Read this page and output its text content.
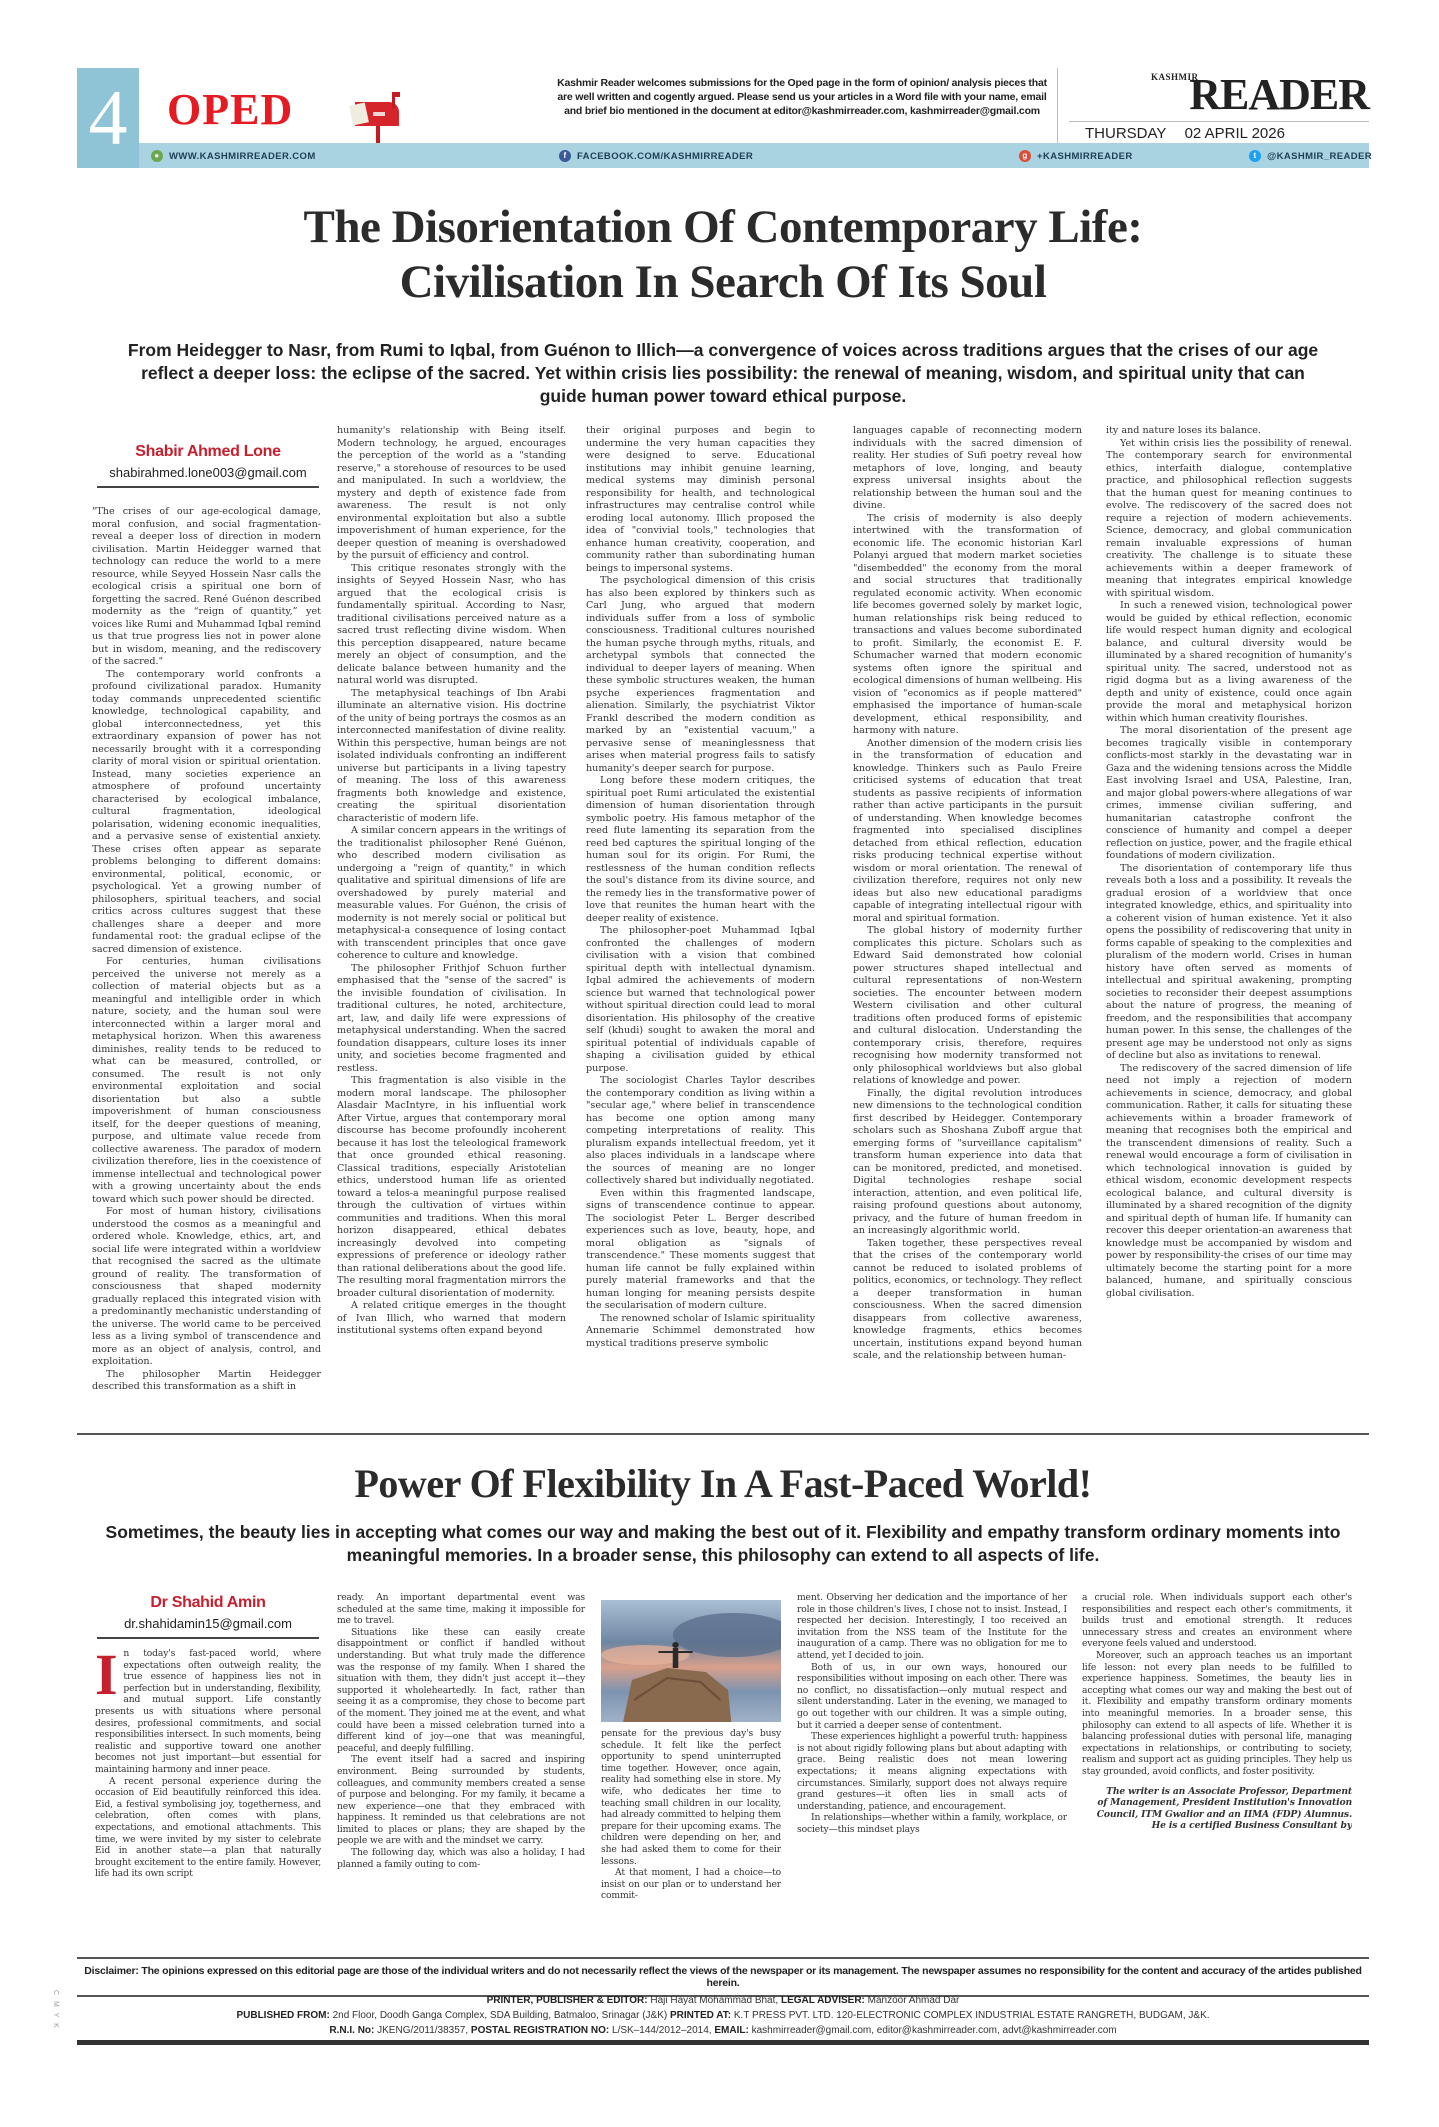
4 OPED
Kashmir Reader welcomes submissions for the Oped page in the form of opinion/ analysis pieces that are well written and cogently argued. Please send us your articles in a Word file with your name, email and brief bio mentioned in the document at editor@kashmirreader.com, kashmirreader@gmail.com
KASHMIR
READER
THURSDAY 02 APRIL 2026
● WWW.KASHMIRREADER.COM	f	FACEBOOK.COM/KASHMIRREADER	g +KASHMIRREADER	t	@KASHMIR_READER
The Disorientation Of Contemporary Life:
Civilisation In Search Of Its Soul
From Heidegger to Nasr, from Rumi to Iqbal, from Guénon to Illich—a convergence of voices across traditions argues that the crises of our age reflect a deeper loss: the eclipse of the sacred. Yet within crisis lies possibility: the renewal of meaning, wisdom, and spiritual unity that can guide human power toward ethical purpose.
Shabir Ahmed Lone
shabirahmed.lone003@gmail.com

"The crises of our age-ecological damage, moral confusion, and social fragmentation-reveal a deeper loss of direction in modern civilisation. Martin Heidegger warned that technology can reduce the world to a mere resource, while Seyyed Hossein Nasr calls the ecological crisis a spiritual one born of forgetting the sacred. René Guénon described modernity as the “reign of quantity,” yet voices like Rumi and Muhammad Iqbal remind us that true progress lies not in power alone but in wisdom, meaning, and the rediscovery of the sacred."

The contemporary world confronts a profound civilizational paradox. Humanity today commands unprecedented scientific knowledge, technological capability, and global interconnectedness, yet this extraordinary expansion of power has not necessarily brought with it a corresponding clarity of moral vision or spiritual orientation. Instead, many societies experience an atmosphere of profound uncertainty characterised by ecological imbalance, cultural fragmentation, ideological polarisation, widening economic inequalities, and a pervasive sense of existential anxiety. These crises often appear as separate problems belonging to different domains: environmental, political, economic, or psychological. Yet a growing number of philosophers, spiritual teachers, and social critics across cultures suggest that these challenges share a deeper and more fundamental root: the gradual eclipse of the sacred dimension of existence.

For centuries, human civilisations perceived the universe not merely as a collection of material objects but as a meaningful and intelligible order in which nature, society, and the human soul were interconnected within a larger moral and metaphysical horizon. When this awareness diminishes, reality tends to be reduced to what can be measured, controlled, or consumed. The result is not only environmental exploitation and social disorientation but also a subtle impoverishment of human consciousness itself, for the deeper questions of meaning, purpose, and ultimate value recede from collective awareness. The paradox of modern civilization therefore, lies in the coexistence of immense intellectual and technological power with a growing uncertainty about the ends toward which such power should be directed.

For most of human history, civilisations understood the cosmos as a meaningful and ordered whole. Knowledge, ethics, art, and social life were integrated within a worldview that recognised the sacred as the ultimate ground of reality. The transformation of consciousness that shaped modernity gradually replaced this integrated vision with a predominantly mechanistic understanding of the universe. The world came to be perceived less as a living symbol of transcendence and more as an object of analysis, control, and exploitation.

The philosopher Martin Heidegger described this transformation as a shift in

humanity's relationship with Being itself. Modern technology, he argued, encourages the perception of the world as a "standing reserve," a storehouse of resources to be used and manipulated. In such a worldview, the mystery and depth of existence fade from awareness. The result is not only environmental exploitation but also a subtle impoverishment of human experience, for the deeper question of meaning is overshadowed by the pursuit of efficiency and control.

This critique resonates strongly with the insights of Seyyed Hossein Nasr, who has argued that the ecological crisis is fundamentally spiritual. According to Nasr, traditional civilisations perceived nature as a sacred trust reflecting divine wisdom. When this perception disappeared, nature became merely an object of consumption, and the delicate balance between humanity and the natural world was disrupted.

The metaphysical teachings of Ibn Arabi illuminate an alternative vision. His doctrine of the unity of being portrays the cosmos as an interconnected manifestation of divine reality. Within this perspective, human beings are not isolated individuals confronting an indifferent universe but participants in a living tapestry of meaning. The loss of this awareness fragments both knowledge and existence, creating the spiritual disorientation characteristic of modern life.

A similar concern appears in the writings of the traditionalist philosopher René Guénon, who described modern civilisation as undergoing a "reign of quantity," in which qualitative and spiritual dimensions of life are overshadowed by purely material and measurable values. For Guénon, the crisis of modernity is not merely social or political but metaphysical-a consequence of losing contact with transcendent principles that once gave coherence to culture and knowledge.

The philosopher Frithjof Schuon further emphasised that the "sense of the sacred" is the invisible foundation of civilisation. In traditional cultures, he noted, architecture, art, law, and daily life were expressions of metaphysical understanding. When the sacred foundation disappears, culture loses its inner unity, and societies become fragmented and restless.

This fragmentation is also visible in the modern moral landscape. The philosopher Alasdair MacIntyre, in his influential work After Virtue, argues that contemporary moral discourse has become profoundly incoherent because it has lost the teleological framework that once grounded ethical reasoning. Classical traditions, especially Aristotelian ethics, understood human life as oriented toward a telos-a meaningful purpose realised through the cultivation of virtues within communities and traditions. When this moral horizon disappeared, ethical debates increasingly devolved into competing expressions of preference or ideology rather than rational deliberations about the good life. The resulting moral fragmentation mirrors the broader cultural disorientation of modernity.

A related critique emerges in the thought of Ivan Illich, who warned that modern institutional systems often expand beyond

their original purposes and begin to undermine the very human capacities they were designed to serve. Educational institutions may inhibit genuine learning, medical systems may diminish personal responsibility for health, and technological infrastructures may centralise control while eroding local autonomy. Illich proposed the idea of "convivial tools," technologies that enhance human creativity, cooperation, and community rather than subordinating human beings to impersonal systems.

The psychological dimension of this crisis has also been explored by thinkers such as Carl Jung, who argued that modern individuals suffer from a loss of symbolic consciousness. Traditional cultures nourished the human psyche through myths, rituals, and archetypal symbols that connected the individual to deeper layers of meaning. When these symbolic structures weaken, the human psyche experiences fragmentation and alienation. Similarly, the psychiatrist Viktor Frankl described the modern condition as marked by an "existential vacuum," a pervasive sense of meaninglessness that arises when material progress fails to satisfy humanity's deeper search for purpose.

Long before these modern critiques, the spiritual poet Rumi articulated the existential dimension of human disorientation through symbolic poetry. His famous metaphor of the reed flute lamenting its separation from the reed bed captures the spiritual longing of the human soul for its origin. For Rumi, the restlessness of the human condition reflects the soul's distance from its divine source, and the remedy lies in the transformative power of love that reunites the human heart with the deeper reality of existence.

The philosopher-poet Muhammad Iqbal confronted the challenges of modern civilisation with a vision that combined spiritual depth with intellectual dynamism. Iqbal admired the achievements of modern science but warned that technological power without spiritual direction could lead to moral disorientation. His philosophy of the creative self (khudi) sought to awaken the moral and spiritual potential of individuals capable of shaping a civilisation guided by ethical purpose.

The sociologist Charles Taylor describes the contemporary condition as living within a "secular age," where belief in transcendence has become one option among many competing interpretations of reality. This pluralism expands intellectual freedom, yet it also places individuals in a landscape where the sources of meaning are no longer collectively shared but individually negotiated.

Even within this fragmented landscape, signs of transcendence continue to appear. The sociologist Peter L. Berger described experiences such as love, beauty, hope, and moral obligation as "signals of transcendence." These moments suggest that human life cannot be fully explained within purely material frameworks and that the human longing for meaning persists despite the secularisation of modern culture.

The renowned scholar of Islamic spirituality Annemarie Schimmel demonstrated how mystical traditions preserve symbolic

languages capable of reconnecting modern individuals with the sacred dimension of reality. Her studies of Sufi poetry reveal how metaphors of love, longing, and beauty express universal insights about the relationship between the human soul and the divine.

The crisis of modernity is also deeply intertwined with the transformation of economic life. The economic historian Karl Polanyi argued that modern market societies "disembedded" the economy from the moral and social structures that traditionally regulated economic activity. When economic life becomes governed solely by market logic, human relationships risk being reduced to transactions and values become subordinated to profit. Similarly, the economist E. F. Schumacher warned that modern economic systems often ignore the spiritual and ecological dimensions of human wellbeing. His vision of "economics as if people mattered" emphasised the importance of human-scale development, ethical responsibility, and harmony with nature.

Another dimension of the modern crisis lies in the transformation of education and knowledge. Thinkers such as Paulo Freire criticised systems of education that treat students as passive recipients of information rather than active participants in the pursuit of understanding. When knowledge becomes fragmented into specialised disciplines detached from ethical reflection, education risks producing technical expertise without wisdom or moral orientation. The renewal of civilization therefore, requires not only new ideas but also new educational paradigms capable of integrating intellectual rigour with moral and spiritual formation.

The global history of modernity further complicates this picture. Scholars such as Edward Said demonstrated how colonial power structures shaped intellectual and cultural representations of non-Western societies. The encounter between modern Western civilisation and other cultural traditions often produced forms of epistemic and cultural dislocation. Understanding the contemporary crisis, therefore, requires recognising how modernity transformed not only philosophical worldviews but also global relations of knowledge and power.

Finally, the digital revolution introduces new dimensions to the technological condition first described by Heidegger. Contemporary scholars such as Shoshana Zuboff argue that emerging forms of "surveillance capitalism" transform human experience into data that can be monitored, predicted, and monetised. Digital technologies reshape social interaction, attention, and even political life, raising profound questions about autonomy, privacy, and the future of human freedom in an increasingly algorithmic world.

Taken together, these perspectives reveal that the crises of the contemporary world cannot be reduced to isolated problems of politics, economics, or technology. They reflect a deeper transformation in human consciousness. When the sacred dimension disappears from collective awareness, knowledge fragments, ethics becomes uncertain, institutions expand beyond human scale, and the relationship between human-

ity and nature loses its balance.

Yet within crisis lies the possibility of renewal. The contemporary search for environmental ethics, interfaith dialogue, contemplative practice, and philosophical reflection suggests that the human quest for meaning continues to evolve. The rediscovery of the sacred does not require a rejection of modern achievements. Science, democracy, and global communication remain invaluable expressions of human creativity. The challenge is to situate these achievements within a deeper framework of meaning that integrates empirical knowledge with spiritual wisdom.

In such a renewed vision, technological power would be guided by ethical reflection, economic life would respect human dignity and ecological balance, and cultural diversity would be illuminated by a shared recognition of humanity's spiritual unity. The sacred, understood not as rigid dogma but as a living awareness of the depth and unity of existence, could once again provide the moral and metaphysical horizon within which human creativity flourishes.

The moral disorientation of the present age becomes tragically visible in contemporary conflicts-most starkly in the devastating war in Gaza and the widening tensions across the Middle East involving Israel and USA, Palestine, Iran, and major global powers-where allegations of war crimes, immense civilian suffering, and humanitarian catastrophe confront the conscience of humanity and compel a deeper reflection on justice, power, and the fragile ethical foundations of modern civilization.

The disorientation of contemporary life thus reveals both a loss and a possibility. It reveals the gradual erosion of a worldview that once integrated knowledge, ethics, and spirituality into a coherent vision of human existence. Yet it also opens the possibility of rediscovering that unity in forms capable of speaking to the complexities and pluralism of the modern world. Crises in human history have often served as moments of intellectual and spiritual awakening, prompting societies to reconsider their deepest assumptions about the nature of progress, the meaning of freedom, and the responsibilities that accompany human power. In this sense, the challenges of the present age may be understood not only as signs of decline but also as invitations to renewal.

The rediscovery of the sacred dimension of life need not imply a rejection of modern achievements in science, democracy, and global communication. Rather, it calls for situating these achievements within a broader framework of meaning that recognises both the empirical and the transcendent dimensions of reality. Such a renewal would encourage a form of civilisation in which technological innovation is guided by ethical wisdom, economic development respects ecological balance, and cultural diversity is illuminated by a shared recognition of the dignity and spiritual depth of human life. If humanity can recover this deeper orientation-an awareness that knowledge must be accompanied by wisdom and power by responsibility-the crises of our time may ultimately become the starting point for a more balanced, humane, and spiritually conscious global civilisation.

Power Of Flexibility In A Fast-Paced World!
Sometimes, the beauty lies in accepting what comes our way and making the best out of it. Flexibility and empathy transform ordinary moments into meaningful memories. In a broader sense, this philosophy can extend to all aspects of life.
Dr Shahid Amin
dr.shahidamin15@gmail.com

In today's fast-paced world, where expectations often outweigh reality, the true essence of happiness lies not in perfection but in understanding, flexibility, and mutual support. Life constantly presents us with situations where personal desires, professional commitments, and social responsibilities intersect. In such moments, being realistic and supportive toward one another becomes not just important—but essential for maintaining harmony and inner peace.

A recent personal experience during the occasion of Eid beautifully reinforced this idea. Eid, a festival symbolising joy, togetherness, and celebration, often comes with plans, expectations, and emotional attachments. This time, we were invited by my sister to celebrate Eid in another state—a plan that naturally brought excitement to the entire family. However, life had its own script

ready. An important departmental event was scheduled at the same time, making it impossible for me to travel.

Situations like these can easily create disappointment or conflict if handled without understanding. But what truly made the difference was the response of my family. When I shared the situation with them, they didn't just accept it—they supported it wholeheartedly. In fact, rather than seeing it as a compromise, they chose to become part of the moment. They joined me at the event, and what could have been a missed celebration turned into a different kind of joy—one that was meaningful, peaceful, and deeply fulfilling.

The event itself had a sacred and inspiring environment. Being surrounded by students, colleagues, and community members created a sense of purpose and belonging. For my family, it became a new experience—one that they embraced with happiness. It reminded us that celebrations are not limited to places or plans; they are shaped by the people we are with and the mindset we carry.

The following day, which was also a holiday, I had planned a family outing to com-

pensate for the previous day's busy schedule. It felt like the perfect opportunity to spend uninterrupted time together. However, once again, reality had something else in store. My wife, who dedicates her time to teaching small children in our locality, had already committed to helping them prepare for their upcoming exams. The children were depending on her, and she had asked them to come for their lessons.

At that moment, I had a choice—to insist on our plan or to understand her commit-

ment. Observing her dedication and the importance of her role in those children's lives, I chose not to insist. Instead, I respected her decision. Interestingly, I too received an invitation from the NSS team of the Institute for the inauguration of a camp. There was no obligation for me to attend, yet I decided to join.

Both of us, in our own ways, honoured our responsibilities without imposing on each other. There was no conflict, no dissatisfaction—only mutual respect and silent understanding. Later in the evening, we managed to go out together with our children. It was a simple outing, but it carried a deeper sense of contentment.

These experiences highlight a powerful truth: happiness is not about rigidly following plans but about adapting with grace. Being realistic does not mean lowering expectations; it means aligning expectations with circumstances. Similarly, support does not always require grand gestures—it often lies in small acts of understanding, patience, and encouragement.

In relationships—whether within a family, workplace, or society—this mindset plays

a crucial role. When individuals support each other's responsibilities and respect each other's commitments, it builds trust and emotional strength. It reduces unnecessary stress and creates an environment where everyone feels valued and understood.

Moreover, such an approach teaches us an important life lesson: not every plan needs to be fulfilled to experience happiness. Sometimes, the beauty lies in accepting what comes our way and making the best out of it. Flexibility and empathy transform ordinary moments into meaningful memories. In a broader sense, this philosophy can extend to all aspects of life. Whether it is balancing professional duties with personal life, managing expectations in relationships, or contributing to society, realism and support act as guiding principles. They help us stay grounded, avoid conflicts, and foster positivity.

The writer is an Associate Professor, Department of Management, President Institution's Innovation Council, ITM Gwalior and an IIMA (FDP) Alumnus. He is a certified Business Consultant by

Disclaimer: The opinions expressed on this editorial page are those of the individual writers and do not necessarily reflect the views of the newspaper or its management. The newspaper assumes no responsibility for the content and accuracy of the artides published herein.
PRINTER, PUBLISHER & EDITOR: Haji Hayat Mohammad Bhat, LEGAL ADVISER: Manzoor Ahmad Dar
PUBLISHED FROM: 2nd Floor, Doodh Ganga Complex, SDA Building, Batmaloo, Srinagar (J&K) PRINTED AT: K.T PRESS PVT. LTD. 120-ELECTRONIC COMPLEX INDUSTRIAL ESTATE RANGRETH, BUDGAM, J&K.
R.N.I. No: JKENG/2011/38357, POSTAL REGISTRATION NO: L/SK–144/2012–2014, EMAIL: kashmirreader@gmail.com, editor@kashmirreader.com, advt@kashmirreader.com
C M Y K
